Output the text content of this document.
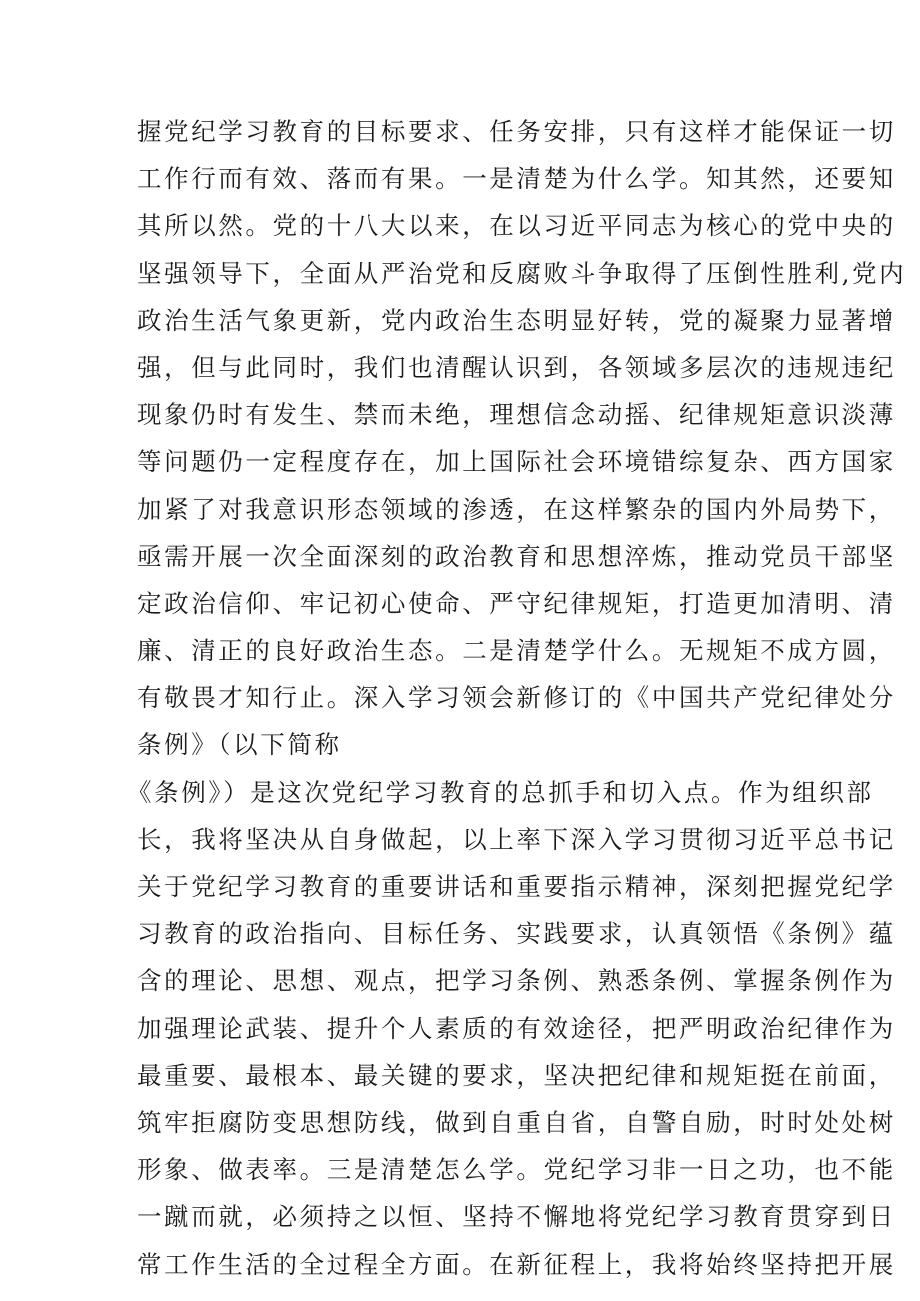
握党纪学习教育的目标要求、任务安排，只有这样才能保证一切
工作行而有效、落而有果。一是清楚为什么学。知其然，还要知
其所以然。党的十八大以来，在以习近平同志为核心的党中央的
坚强领导下，全面从严治党和反腐败斗争取得了压倒性胜利,党内
政治生活气象更新，党内政治生态明显好转，党的凝聚力显著增
强，但与此同时，我们也清醒认识到，各领域多层次的违规违纪
现象仍时有发生、禁而未绝，理想信念动摇、纪律规矩意识淡薄
等问题仍一定程度存在，加上国际社会环境错综复杂、西方国家
加紧了对我意识形态领域的渗透，在这样繁杂的国内外局势下，
亟需开展一次全面深刻的政治教育和思想淬炼，推动党员干部坚
定政治信仰、牢记初心使命、严守纪律规矩，打造更加清明、清
廉、清正的良好政治生态。二是清楚学什么。无规矩不成方圆，
有敬畏才知行止。深入学习领会新修订的《中国共产党纪律处分
条例》（以下简称
《条例》）是这次党纪学习教育的总抓手和切入点。作为组织部
长，我将坚决从自身做起，以上率下深入学习贯彻习近平总书记
关于党纪学习教育的重要讲话和重要指示精神，深刻把握党纪学
习教育的政治指向、目标任务、实践要求，认真领悟《条例》蕴
含的理论、思想、观点，把学习条例、熟悉条例、掌握条例作为
加强理论武装、提升个人素质的有效途径，把严明政治纪律作为
最重要、最根本、最关键的要求，坚决把纪律和规矩挺在前面，
筑牢拒腐防变思想防线，做到自重自省，自警自励，时时处处树
形象、做表率。三是清楚怎么学。党纪学习非一日之功，也不能
一蹴而就，必须持之以恒、坚持不懈地将党纪学习教育贯穿到日
常工作生活的全过程全方面。在新征程上，我将始终坚持把开展
